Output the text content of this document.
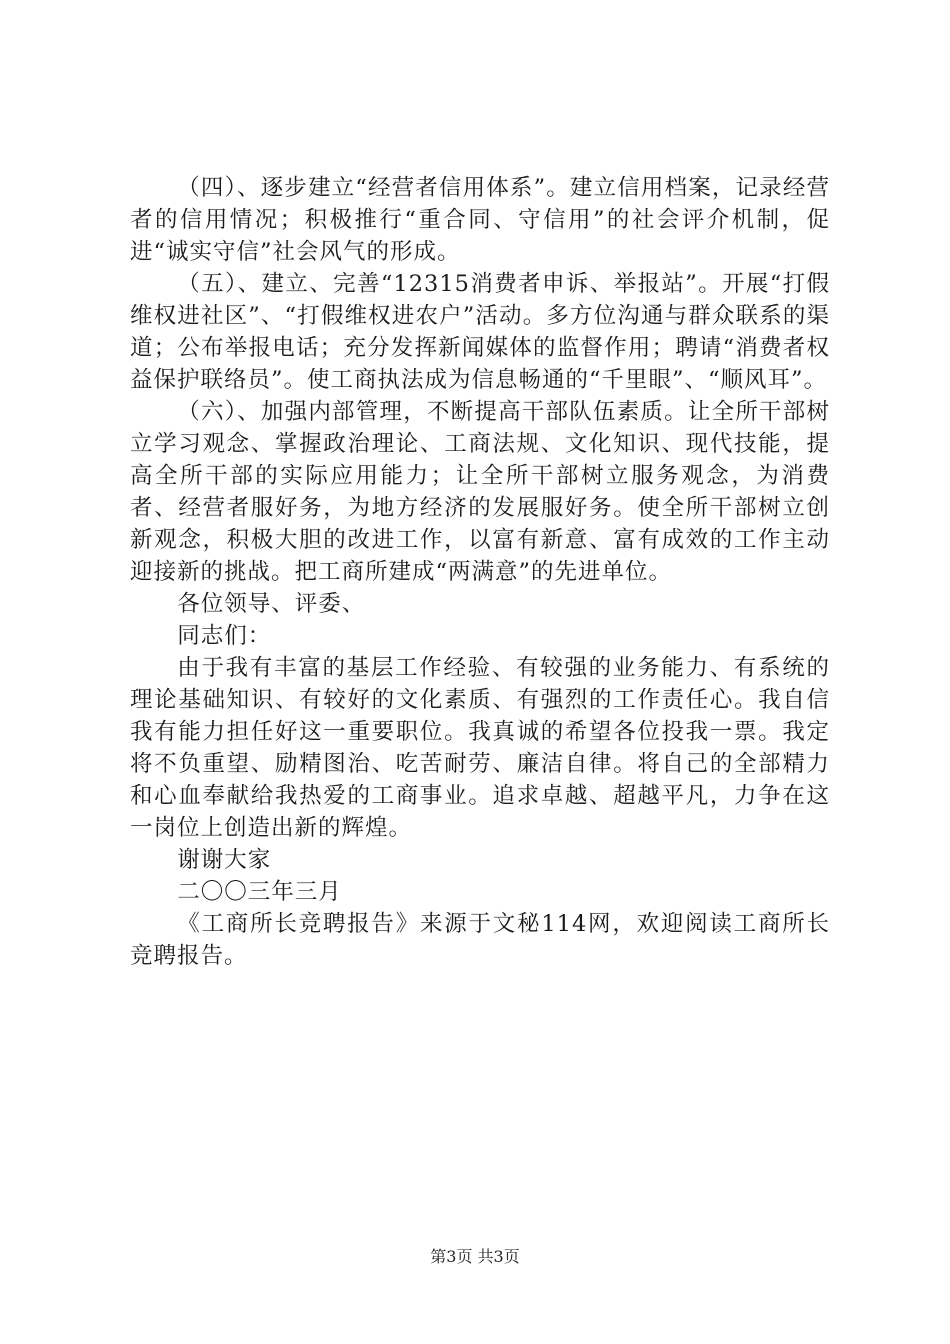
（四）、逐步建立“经营者信用体系”。建立信用档案，记录经营者的信用情况；积极推行“重合同、守信用”的社会评介机制，促进“诚实守信”社会风气的形成。

（五）、建立、完善“12315消费者申诉、举报站”。开展“打假维权进社区”、“打假维权进农户”活动。多方位沟通与群众联系的渠道；公布举报电话；充分发挥新闻媒体的监督作用；聘请“消费者权益保护联络员”。使工商执法成为信息畅通的“千里眼”、“顺风耳”。

（六）、加强内部管理，不断提高干部队伍素质。让全所干部树立学习观念、掌握政治理论、工商法规、文化知识、现代技能，提高全所干部的实际应用能力；让全所干部树立服务观念，为消费者、经营者服好务，为地方经济的发展服好务。使全所干部树立创新观念，积极大胆的改进工作，以富有新意、富有成效的工作主动迎接新的挑战。把工商所建成“两满意”的先进单位。

各位领导、评委、

同志们：

由于我有丰富的基层工作经验、有较强的业务能力、有系统的理论基础知识、有较好的文化素质、有强烈的工作责任心。我自信我有能力担任好这一重要职位。我真诚的希望各位投我一票。我定将不负重望、励精图治、吃苦耐劳、廉洁自律。将自己的全部精力和心血奉献给我热爱的工商事业。追求卓越、超越平凡，力争在这一岗位上创造出新的辉煌。

谢谢大家

二〇〇三年三月

《工商所长竞聘报告》来源于文秘114网，欢迎阅读工商所长竞聘报告。

第3页 共3页
